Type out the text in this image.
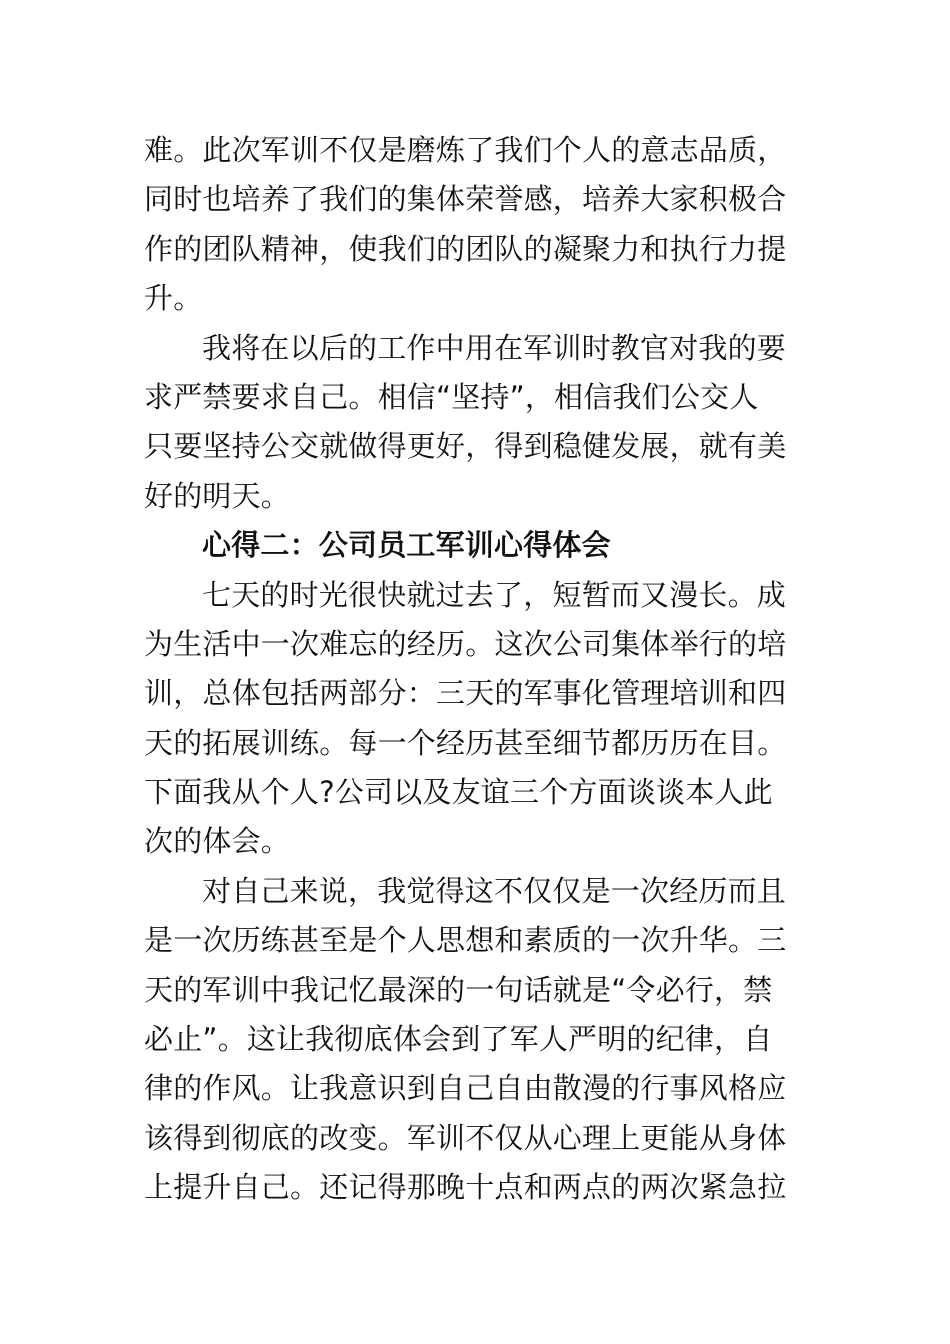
难。此次军训不仅是磨炼了我们个人的意志品质，
同时也培养了我们的集体荣誉感，培养大家积极合
作的团队精神，使我们的团队的凝聚力和执行力提
升。
我将在以后的工作中用在军训时教官对我的要
求严禁要求自己。相信“坚持”，相信我们公交人
只要坚持公交就做得更好，得到稳健发展，就有美
好的明天。
心得二：公司员工军训心得体会
七天的时光很快就过去了，短暂而又漫长。成
为生活中一次难忘的经历。这次公司集体举行的培
训，总体包括两部分：三天的军事化管理培训和四
天的拓展训练。每一个经历甚至细节都历历在目。
下面我从个人?公司以及友谊三个方面谈谈本人此
次的体会。
对自己来说，我觉得这不仅仅是一次经历而且
是一次历练甚至是个人思想和素质的一次升华。三
天的军训中我记忆最深的一句话就是“令必行，禁
必止”。这让我彻底体会到了军人严明的纪律，自
律的作风。让我意识到自己自由散漫的行事风格应
该得到彻底的改变。军训不仅从心理上更能从身体
上提升自己。还记得那晚十点和两点的两次紧急拉
